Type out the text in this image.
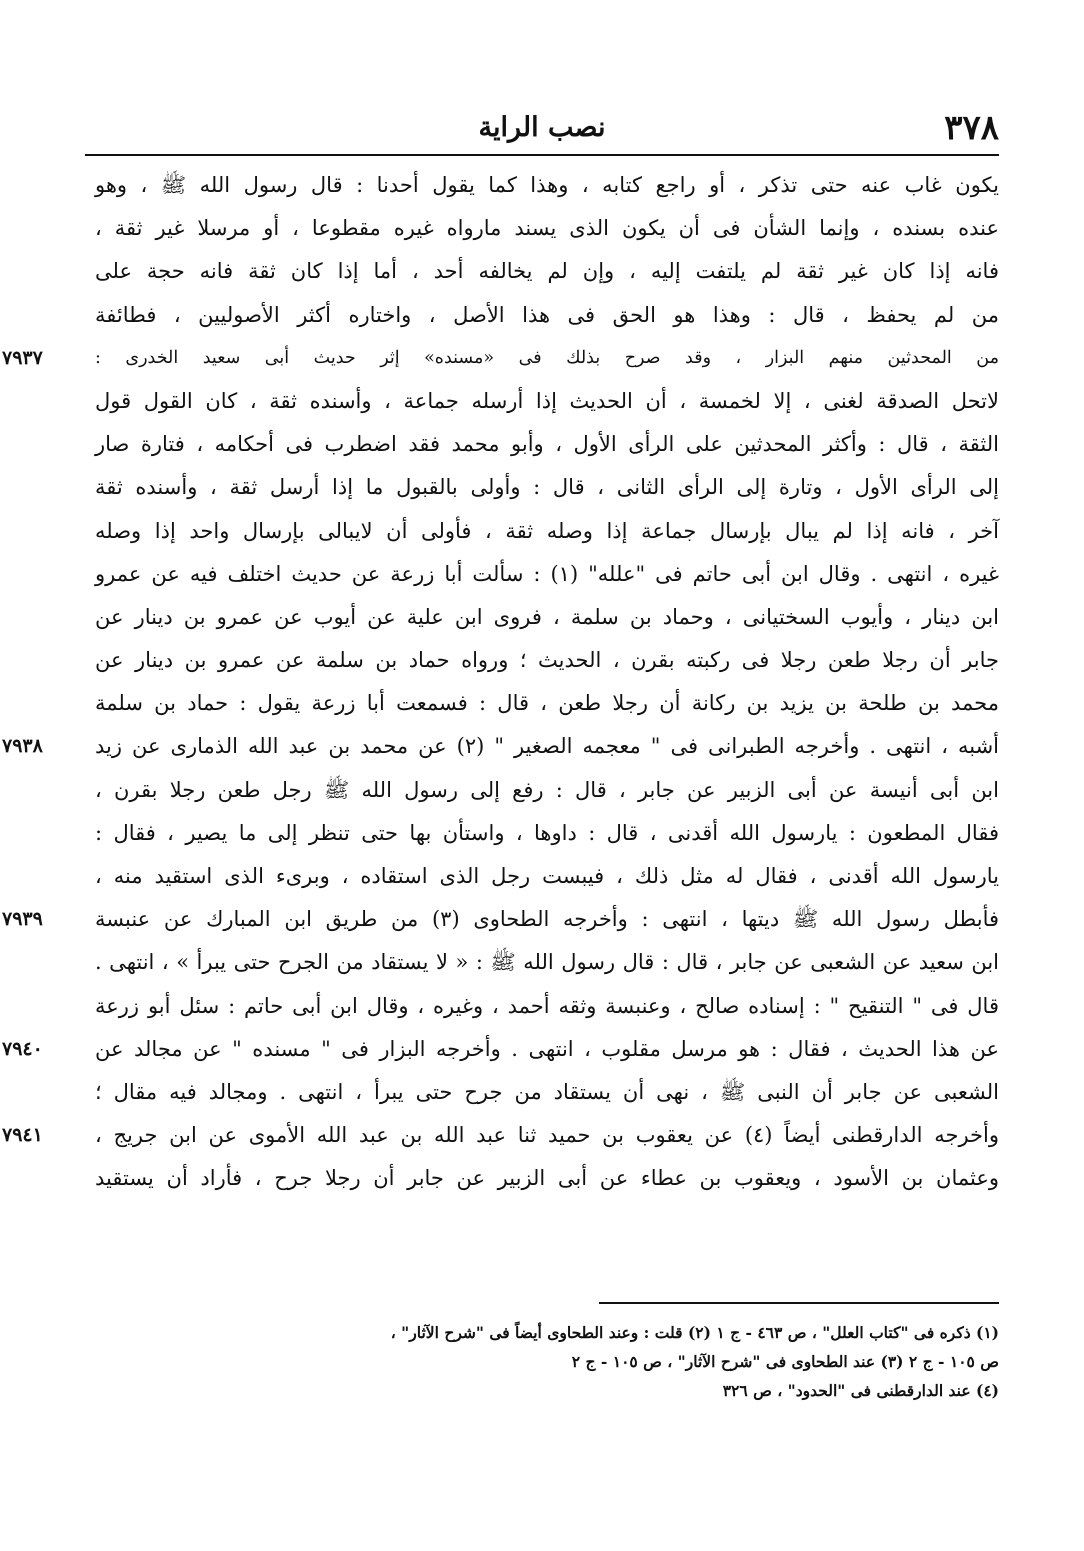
٣٧٨
نصب الراية
يكون غاب عنه حتى تذكر ، أو راجع كتابه ، وهذا كما يقول أحدنا : قال رسول الله ﷺ ، وهو
عنده بسنده ، وإنما الشأن فى أن يكون الذى يسند مارواه غيره مقطوعا ، أو مرسلا غير ثقة ،
فانه إذا كان غير ثقة لم يلتفت إليه ، وإن لم يخالفه أحد ، أما إذا كان ثقة فانه حجة على
من لم يحفظ ، قال : وهذا هو الحق فى هذا الأصل ، واختاره أكثر الأصوليين ، فطائفة
من المحدثين منهم البزار ، وقد صرح بذلك فى «مسنده» إثر حديث أبى سعيد الخدرى :
٧٩٣٧
لاتحل الصدقة لغنى ، إلا لخمسة ، أن الحديث إذا أرسله جماعة ، وأسنده ثقة ، كان القول قول
الثقة ، قال : وأكثر المحدثين على الرأى الأول ، وأبو محمد فقد اضطرب فى أحكامه ، فتارة صار
إلى الرأى الأول ، وتارة إلى الرأى الثانى ، قال : وأولى بالقبول ما إذا أرسل ثقة ، وأسنده ثقة
آخر ، فانه إذا لم يبال بإرسال جماعة إذا وصله ثقة ، فأولى أن لايبالى بإرسال واحد إذا وصله
غيره ، انتهى . وقال ابن أبى حاتم فى "علله" (١) : سألت أبا زرعة عن حديث اختلف فيه عن عمرو
ابن دينار ، وأيوب السختيانى ، وحماد بن سلمة ، فروى ابن علية عن أيوب عن عمرو بن دينار عن
جابر أن رجلا طعن رجلا فى ركبته بقرن ، الحديث ؛ ورواه حماد بن سلمة عن عمرو بن دينار عن
محمد بن طلحة بن يزيد بن ركانة أن رجلا طعن ، قال : فسمعت أبا زرعة يقول : حماد بن سلمة
أشبه ، انتهى . وأخرجه الطبرانى فى " معجمه الصغير " (٢) عن محمد بن عبد الله الذمارى عن زيد
٧٩٣٨
ابن أبى أنيسة عن أبى الزبير عن جابر ، قال : رفع إلى رسول الله ﷺ رجل طعن رجلا بقرن ،
فقال المطعون : يارسول الله أقدنى ، قال : داوها ، واستأن بها حتى تنظر إلى ما يصير ، فقال :
يارسول الله أقدنى ، فقال له مثل ذلك ، فيبست رجل الذى استقاده ، وبرىء الذى استقيد منه ،
فأبطل رسول الله ﷺ ديتها ، انتهى : وأخرجه الطحاوى (٣) من طريق ابن المبارك عن عنبسة
٧٩٣٩
ابن سعيد عن الشعبى عن جابر ، قال : قال رسول الله ﷺ : « لا يستقاد من الجرح حتى يبرأ » ، انتهى .
قال فى " التنقيح " : إسناده صالح ، وعنبسة وثقه أحمد ، وغيره ، وقال ابن أبى حاتم : سئل أبو زرعة
عن هذا الحديث ، فقال : هو مرسل مقلوب ، انتهى . وأخرجه البزار فى " مسنده " عن مجالد عن
٧٩٤٠
الشعبى عن جابر أن النبى ﷺ ، نهى أن يستقاد من جرح حتى يبرأ ، انتهى . ومجالد فيه مقال ؛
وأخرجه الدارقطنى أيضاً (٤) عن يعقوب بن حميد ثنا عبد الله بن عبد الله الأموى عن ابن جريج ،
٧٩٤١
وعثمان بن الأسود ، ويعقوب بن عطاء عن أبى الزبير عن جابر أن رجلا جرح ، فأراد أن يستقيد
(١) ذكره فى "كتاب العلل" ، ص ٤٦٣ - ج ١ (٢) قلت : وعند الطحاوى أيضاً فى "شرح الآثار" ،
ص ١٠٥ - ج ٢ (٣) عند الطحاوى فى "شرح الآثار" ، ص ١٠٥ - ج ٢
(٤) عند الدارقطنى فى "الحدود" ، ص ٣٢٦
